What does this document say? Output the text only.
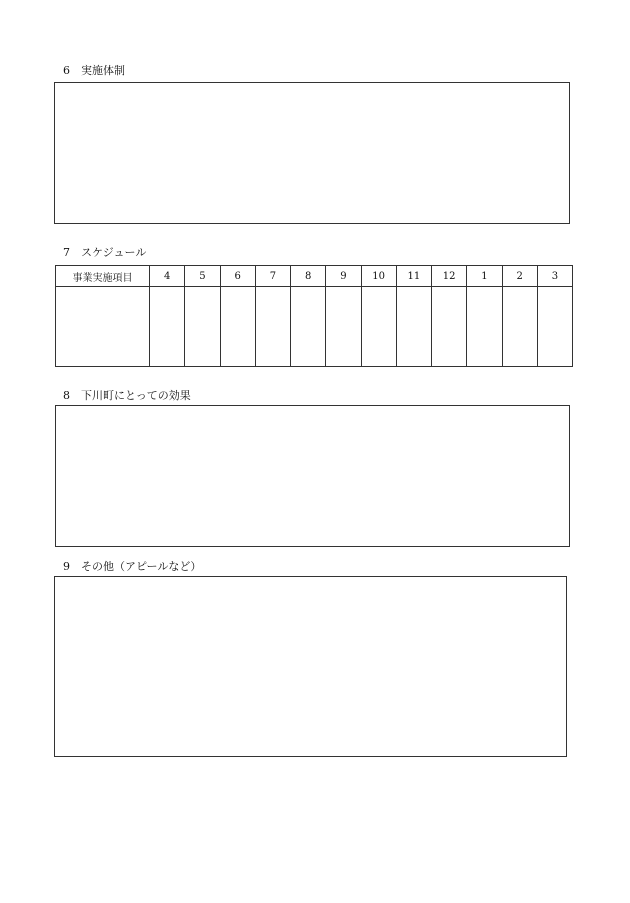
6 実施体制
7 スケジュール
事業実施項目	4	5	6	7	8	9	10	11	12	1	2	3

8 下川町にとっての効果
9 その他（アピールなど）
